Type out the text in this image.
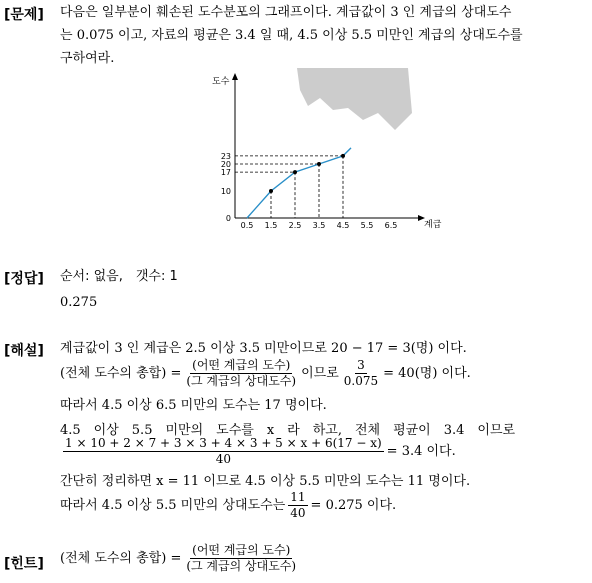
[문제] 다음은 일부분이 훼손된 도수분포의 그래프이다. 계급값이 3 인 계급의 상대도수
는 0.075 이고, 자료의 평균은 3.4 일 때, 4.5 이상 5.5 미만인 계급의 상대도수를
구하여라.
도수
계급
0
10
17
20
23
0.5 1.5 2.5 3.5 4.5 5.5 6.5
[정답] 순서: 없음,　갯수: 1
0.275
[해설] 계급값이 3 인 계급은 2.5 이상 3.5 미만이므로 20 − 17 = 3(명) 이다.
(전체 도수의 총합) = $\frac{\text{(어떤 계급의 도수)}}{\text{(그 계급의 상대도수)}}$ 이므로 $\frac{3}{0.075} = 40$(명) 이다.
따라서 4.5 이상 6.5 미만의 도수는 17 명이다.
4.5　이상　5.5　미만의　도수를　x　라　하고,　전체　평균이　3.4　이므로
$\frac{1 \times 10 + 2 \times 7 + 3 \times 3 + 4 \times 3 + 5 \times x + 6(17 - x)}{40} = 3.4$ 이다.
간단히 정리하면 x = 11 이므로 4.5 이상 5.5 미만의 도수는 11 명이다.
따라서 4.5 이상 5.5 미만의 상대도수는 $\frac{11}{40} = 0.275$ 이다.
[힌트] (전체 도수의 총합) = $\frac{\text{(어떤 계급의 도수)}}{\text{(그 계급의 상대도수)}}$
